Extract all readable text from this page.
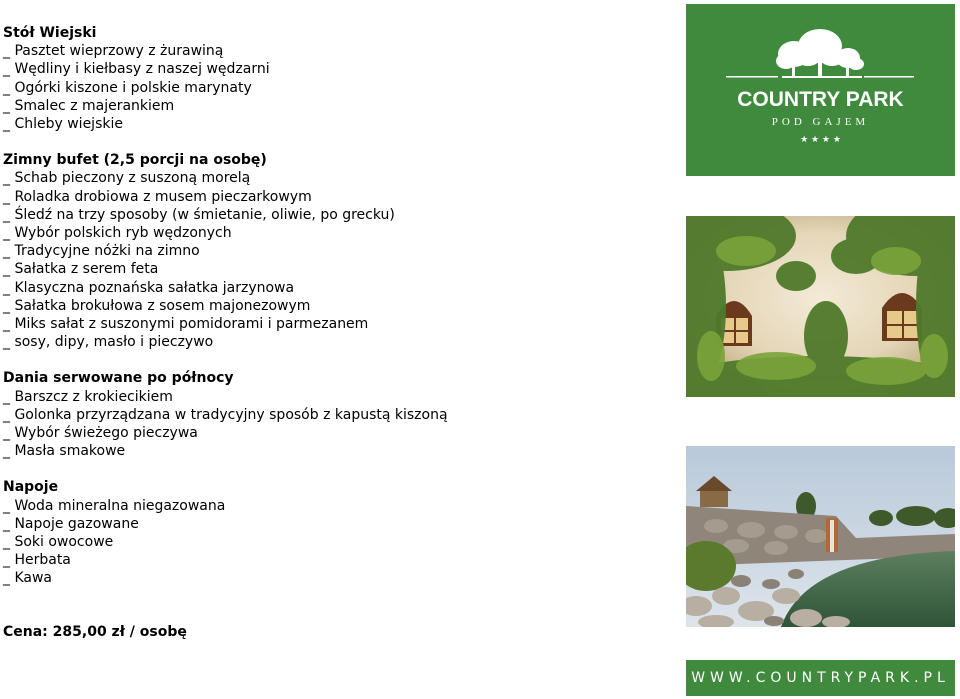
Stół Wiejski
_ Pasztet wieprzowy z żurawiną
_ Wędliny i kiełbasy z naszej wędzarni
_ Ogórki kiszone i polskie marynaty
_ Smalec z majerankiem
_ Chleby wiejskie
Zimny bufet (2,5 porcji na osobę)
_ Schab pieczony z suszoną morelą
_ Roladka drobiowa z musem pieczarkowym
_ Śledź na trzy sposoby (w śmietanie, oliwie, po grecku)
_ Wybór polskich ryb wędzonych
_ Tradycyjne nóżki na zimno
_ Sałatka z serem feta
_ Klasyczna poznańska sałatka jarzynowa
_ Sałatka brokułowa z sosem majonezowym
_ Miks sałat z suszonymi pomidorami i parmezanem
_ sosy, dipy, masło i pieczywo
Dania serwowane po północy
_ Barszcz z krokiecikiem
_ Golonka przyrządzana w tradycyjny sposób z kapustą kiszoną
_ Wybór świeżego pieczywa
_ Masła smakowe
Napoje
_ Woda mineralna niegazowana
_ Napoje gazowane
_ Soki owocowe
_ Herbata
_ Kawa
Cena: 285,00 zł / osobę
COUNTRY PARK
POD GAJEM
★ ★ ★ ★
WWW.COUNTRYPARK.PL
